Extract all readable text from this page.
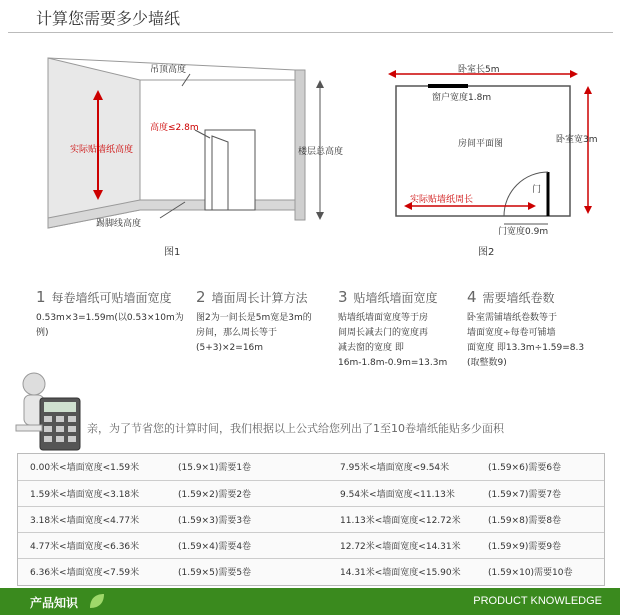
计算您需要多少墙纸
吊顶高度
高度≤2.8m
实际贴墙纸高度	楼层总高度
踢脚线高度
图1
卧室长5m
窗户宽度1.8m
卧室宽3m
房间平面图
门
实际贴墙纸周长
门宽度0.9m
图2
1 每卷墙纸可贴墙面宽度
0.53m×3=1.59m(以0.53×10m为
例)
2 墙面周长计算方法
图2为一间长是5m宽是3m的
房间，那么周长等于
(5+3)×2=16m
3 贴墙纸墙面宽度
贴墙纸墙面宽度等于房
间周长减去门的宽度再
减去窗的宽度 即
16m-1.8m-0.9m=13.3m
4 需要墙纸卷数
卧室需铺墙纸卷数等于
墙面宽度÷每卷可铺墙
面宽度 即13.3m÷1.59=8.3
(取整数9)
亲，为了节省您的计算时间，我们根据以上公式给您列出了1至10卷墙纸能贴多少面积
0.00米<墙面宽度<1.59米	(15.9×1)需要1卷	7.95米<墙面宽度<9.54米	(1.59×6)需要6卷
1.59米<墙面宽度<3.18米	(1.59×2)需要2卷	9.54米<墙面宽度<11.13米	(1.59×7)需要7卷
3.18米<墙面宽度<4.77米	(1.59×3)需要3卷	11.13米<墙面宽度<12.72米	(1.59×8)需要8卷
4.77米<墙面宽度<6.36米	(1.59×4)需要4卷	12.72米<墙面宽度<14.31米	(1.59×9)需要9卷
6.36米<墙面宽度<7.59米	(1.59×5)需要5卷	14.31米<墙面宽度<15.90米	(1.59×10)需要10卷
产品知识	PRODUCT KNOWLEDGE
